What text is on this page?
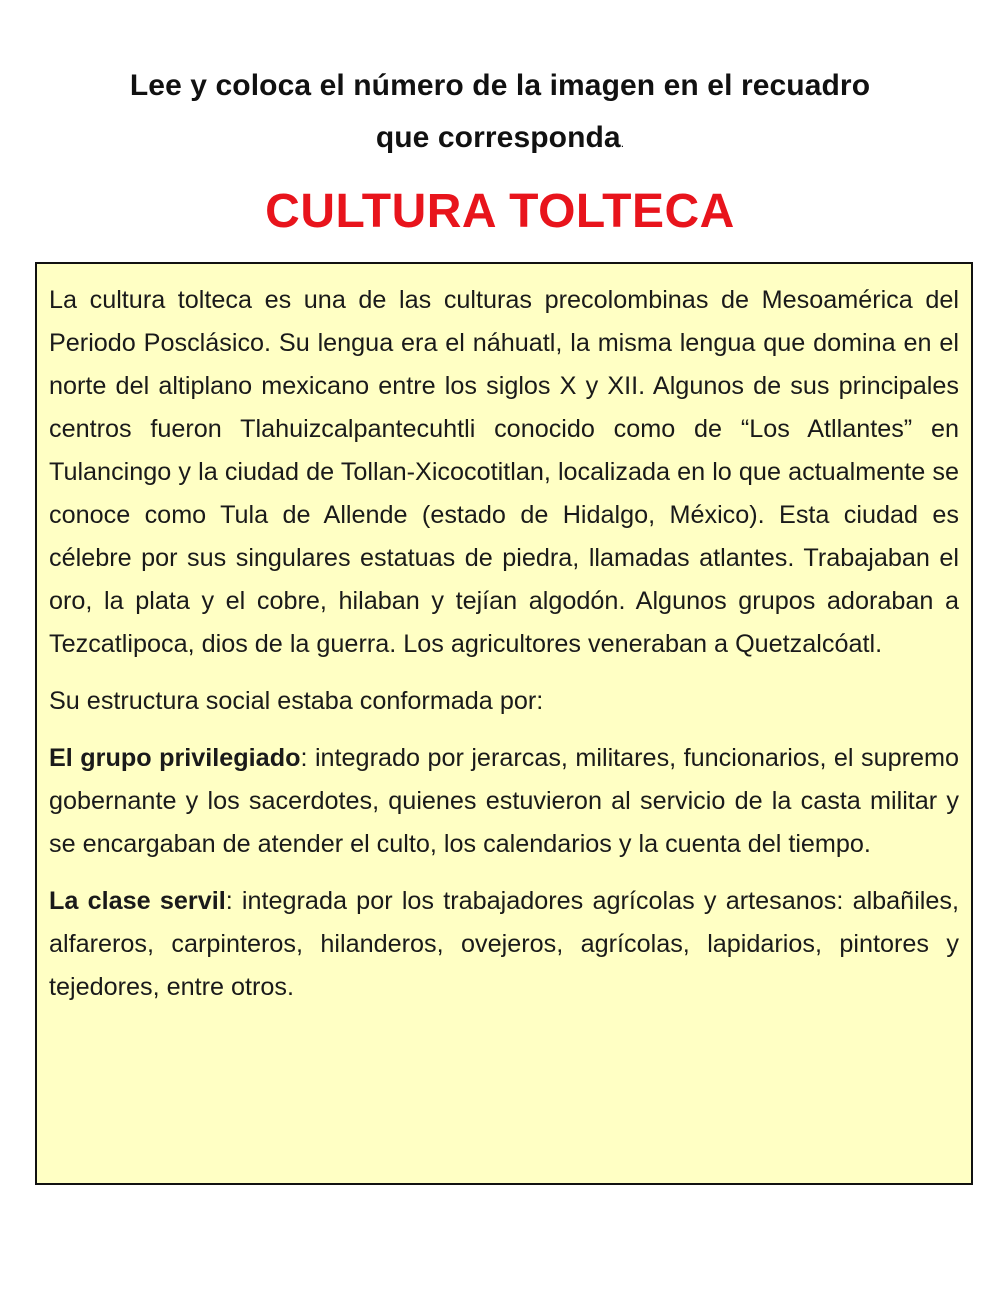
Lee y coloca el número de la imagen en el recuadro
que corresponda.
CULTURA TOLTECA

La cultura tolteca es una de las culturas precolombinas de Mesoamérica del Periodo Posclásico. Su lengua era el náhuatl, la misma lengua que domina en el norte del altiplano mexicano entre los siglos X y XII. Algunos de sus principales centros fueron Tlahuizcalpantecuhtli conocido como de “Los Atllantes” en Tulancingo y la ciudad de Tollan-Xicocotitlan, localizada en lo que actualmente se conoce como Tula de Allende (estado de Hidalgo, México). Esta ciudad es célebre por sus singulares estatuas de piedra, llamadas atlantes. Trabajaban el oro, la plata y el cobre, hilaban y tejían algodón. Algunos grupos adoraban a Tezcatlipoca, dios de la guerra. Los agricultores veneraban a Quetzalcóatl.

Su estructura social estaba conformada por:

El grupo privilegiado: integrado por jerarcas, militares, funcionarios, el supremo gobernante y los sacerdotes, quienes estuvieron al servicio de la casta militar y se encargaban de atender el culto, los calendarios y la cuenta del tiempo.

La clase servil: integrada por los trabajadores agrícolas y artesanos: albañiles, alfareros, carpinteros, hilanderos, ovejeros, agrícolas, lapidarios, pintores y tejedores, entre otros.
